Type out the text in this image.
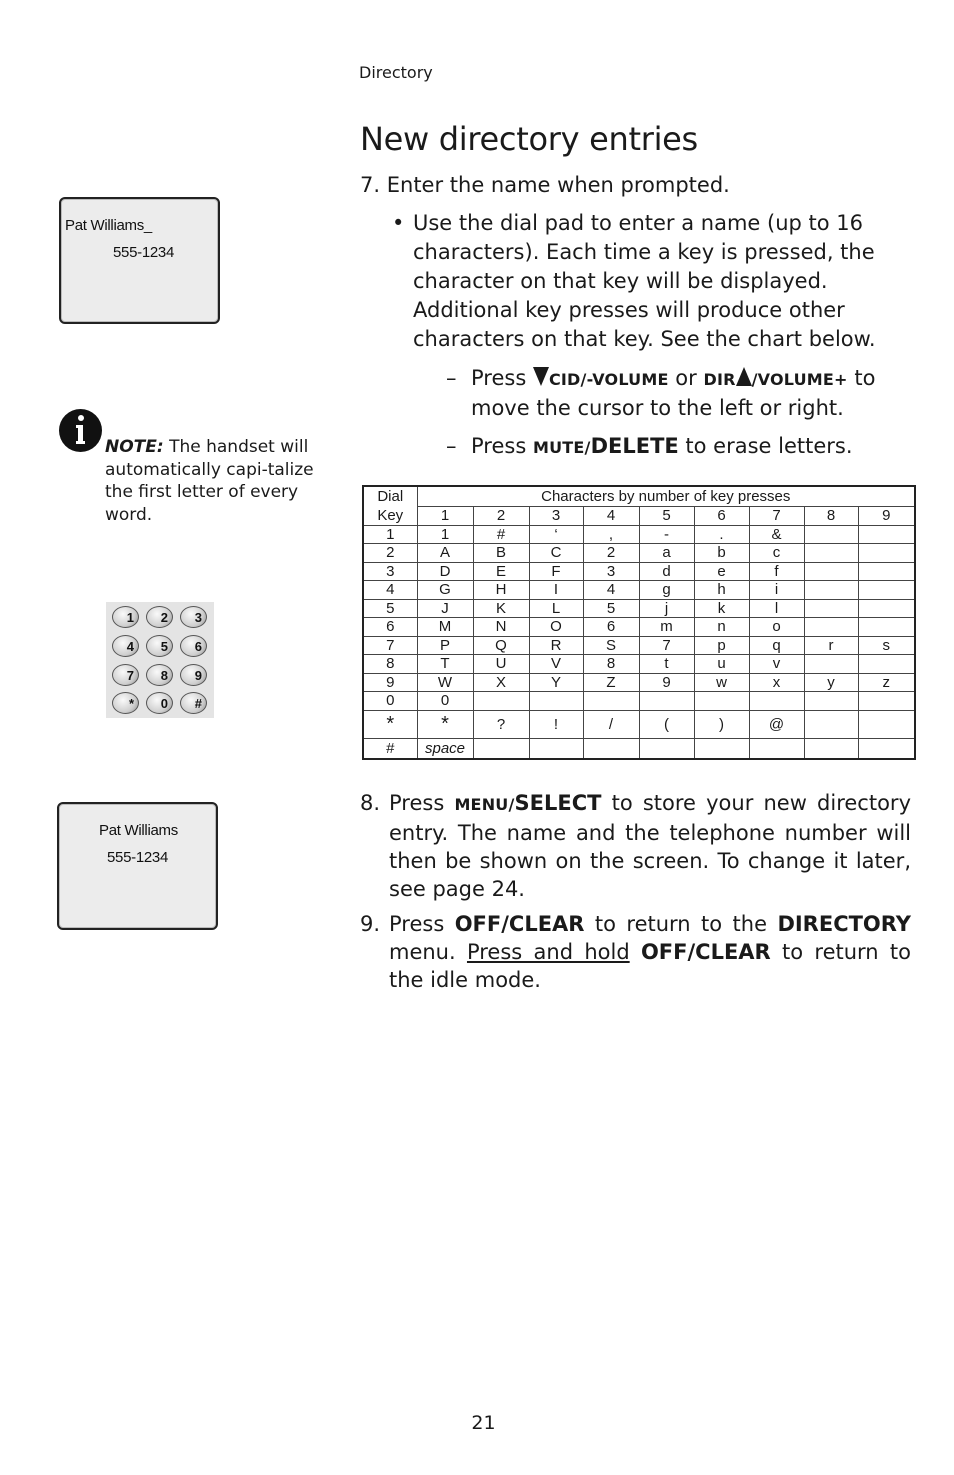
Directory
New directory entries
7. Enter the name when prompted.
• Use the dial pad to enter a name (up to 16 characters). Each time a key is pressed, the character on that key will be displayed. Additional key presses will produce other characters on that key. See the chart below.
– Press CID/-VOLUME or DIR /VOLUME+ to move the cursor to the left or right.
– Press MUTE/DELETE to erase letters.
Pat Williams_
555-1234
NOTE: The handset will automatically capi-talize the first letter of every word.
1	2	3
4	5	6
7	8	9
*	0	#
Dial	Characters by number of key presses								
Key	1	2	3	4	5	6	7	8	9
1	1	#	‘	,	-	.	&		
2	A	B	C	2	a	b	c		
3	D	E	F	3	d	e	f		
4	G	H	I	4	g	h	i		
5	J	K	L	5	j	k	l		
6	M	N	O	6	m	n	o		
7	P	Q	R	S	7	p	q	r	s
8	T	U	V	8	t	u	v		
9	W	X	Y	Z	9	w	x	y	z
0	0								
*	*	?	!	/	(	)	@		
#	space								
Pat Williams
555-1234
8. Press MENU/SELECT to store your new directory entry. The name and the telephone number will then be shown on the screen. To change it later, see page 24.
9. Press OFF/CLEAR to return to the DIRECTORY menu. Press and hold OFF/CLEAR to return to the idle mode.
21
